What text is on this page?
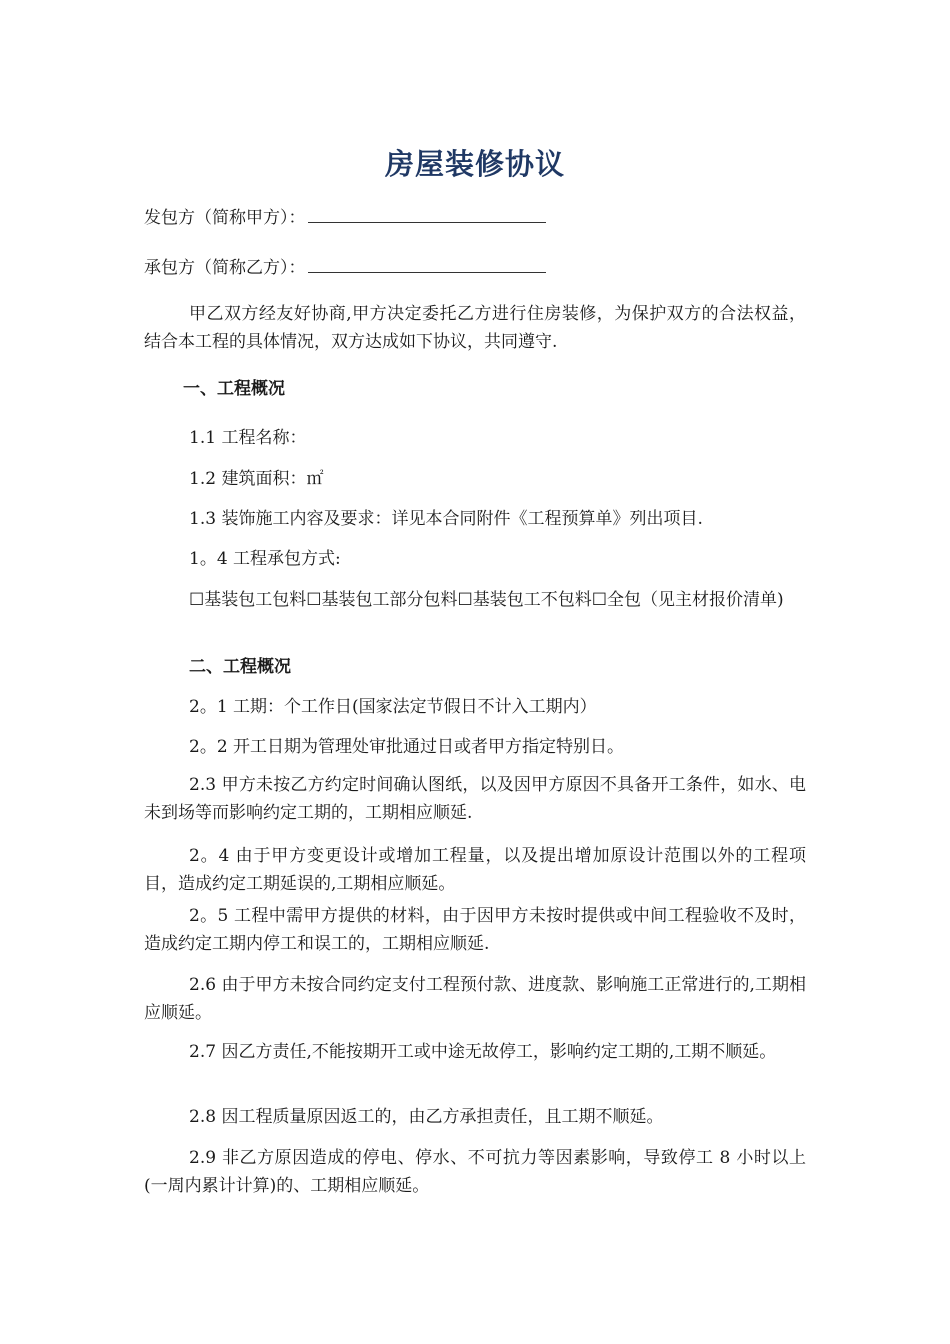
房屋装修协议
发包方（简称甲方）：
承包方（简称乙方）：
甲乙双方经友好协商,甲方决定委托乙方进行住房装修，为保护双方的合法权益，结合本工程的具体情况，双方达成如下协议，共同遵守.
一、工程概况
1.1 工程名称：
1.2 建筑面积：㎡
1.3 装饰施工内容及要求：详见本合同附件《工程预算单》列出项目.
1。4 工程承包方式:
☐基装包工包料☐基装包工部分包料☐基装包工不包料☐全包（见主材报价清单)
二、工程概况
2。1 工期：个工作日(国家法定节假日不计入工期内）
2。2 开工日期为管理处审批通过日或者甲方指定特别日。
2.3 甲方未按乙方约定时间确认图纸，以及因甲方原因不具备开工条件，如水、电未到场等而影响约定工期的，工期相应顺延.
2。4 由于甲方变更设计或增加工程量，以及提出增加原设计范围以外的工程项目，造成约定工期延误的,工期相应顺延。
2。5 工程中需甲方提供的材料，由于因甲方未按时提供或中间工程验收不及时，造成约定工期内停工和误工的，工期相应顺延.
2.6 由于甲方未按合同约定支付工程预付款、进度款、影响施工正常进行的,工期相应顺延。
2.7 因乙方责任,不能按期开工或中途无故停工，影响约定工期的,工期不顺延。
2.8 因工程质量原因返工的，由乙方承担责任，且工期不顺延。
2.9 非乙方原因造成的停电、停水、不可抗力等因素影响，导致停工 8 小时以上(一周内累计计算)的、工期相应顺延。
